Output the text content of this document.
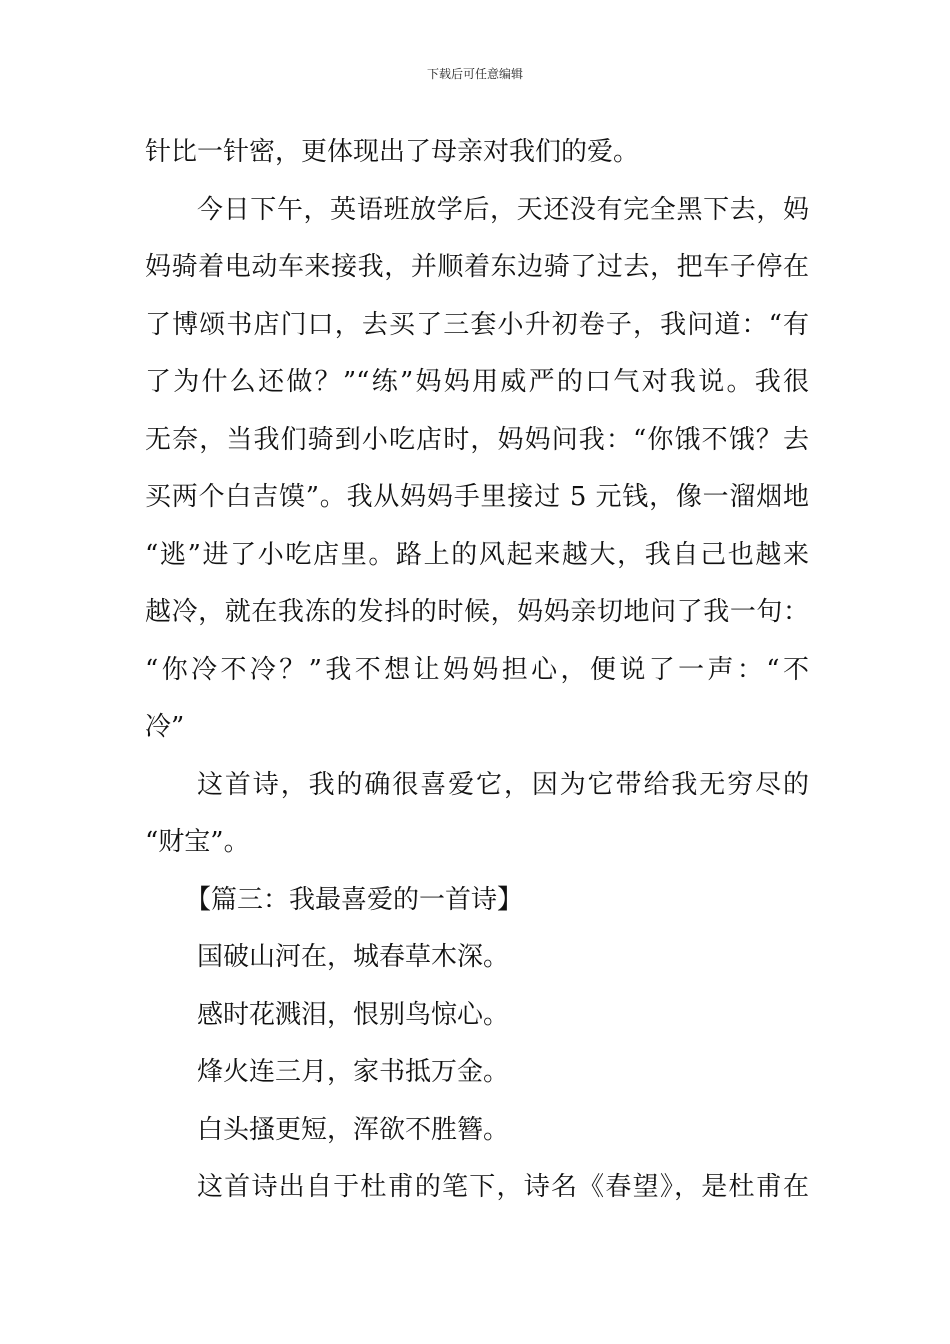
下载后可任意编辑
针比一针密，更体现出了母亲对我们的爱。
今日下午，英语班放学后，天还没有完全黑下去，妈
妈骑着电动车来接我，并顺着东边骑了过去，把车子停在
了博颂书店门口，去买了三套小升初卷子，我问道：“有
了为什么还做？”“练”妈妈用威严的口气对我说。我很
无奈，当我们骑到小吃店时，妈妈问我：“你饿不饿？去
买两个白吉馍”。我从妈妈手里接过 5 元钱，像一溜烟地
“逃”进了小吃店里。路上的风起来越大，我自己也越来
越冷，就在我冻的发抖的时候，妈妈亲切地问了我一句：
“你冷不冷？”我不想让妈妈担心，便说了一声：“不
冷”
这首诗，我的确很喜爱它，因为它带给我无穷尽的
“财宝”。
【篇三：我最喜爱的一首诗】
国破山河在，城春草木深。
感时花溅泪，恨别鸟惊心。
烽火连三月，家书抵万金。
白头搔更短，浑欲不胜簪。
这首诗出自于杜甫的笔下，诗名《春望》，是杜甫在
